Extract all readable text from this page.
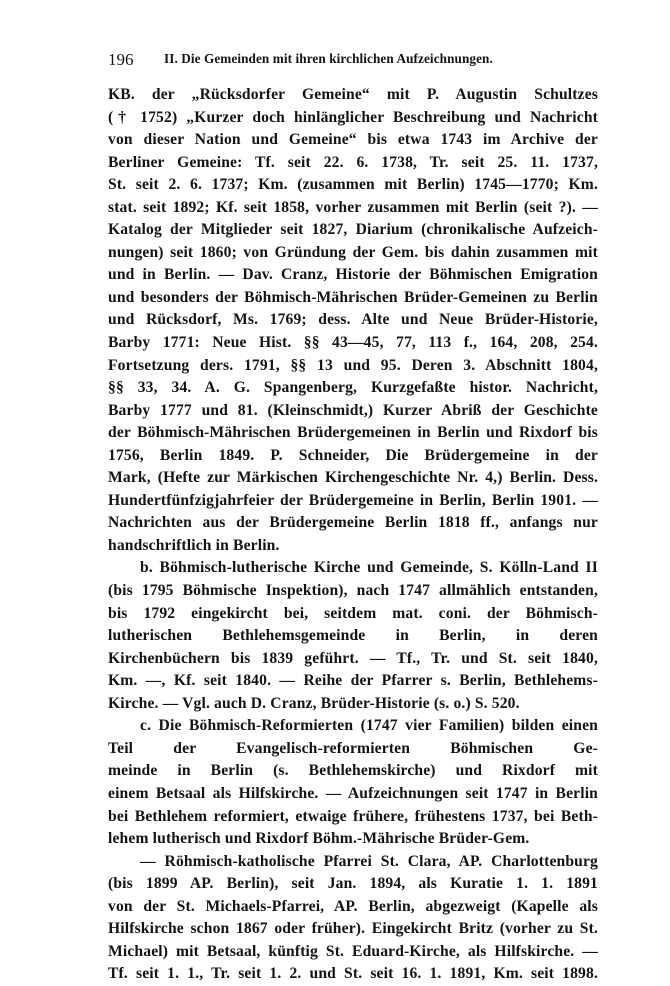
196 II. Die Gemeinden mit ihren kirchlichen Aufzeichnungen.
KB. der „Rücksdorfer Gemeine“ mit P. Augustin Schultzes
(† 1752) „Kurzer doch hinlänglicher Beschreibung und Nachricht
von dieser Nation und Gemeine“ bis etwa 1743 im Archive der
Berliner Gemeine: Tf. seit 22. 6. 1738, Tr. seit 25. 11. 1737,
St. seit 2. 6. 1737; Km. (zusammen mit Berlin) 1745—1770; Km.
stat. seit 1892; Kf. seit 1858, vorher zusammen mit Berlin (seit ?). —
Katalog der Mitglieder seit 1827, Diarium (chronikalische Aufzeich-
nungen) seit 1860; von Gründung der Gem. bis dahin zusammen mit
und in Berlin. — Dav. Cranz, Historie der Böhmischen Emigration
und besonders der Böhmisch-Mährischen Brüder-Gemeinen zu Berlin
und Rücksdorf, Ms. 1769; dess. Alte und Neue Brüder-Historie,
Barby 1771: Neue Hist. §§ 43—45, 77, 113 f., 164, 208, 254.
Fortsetzung ders. 1791, §§ 13 und 95. Deren 3. Abschnitt 1804,
§§ 33, 34. A. G. Spangenberg, Kurzgefaßte histor. Nachricht,
Barby 1777 und 81. (Kleinschmidt,) Kurzer Abriß der Geschichte
der Böhmisch-Mährischen Brüdergemeinen in Berlin und Rixdorf bis
1756, Berlin 1849. P. Schneider, Die Brüdergemeine in der
Mark, (Hefte zur Märkischen Kirchengeschichte Nr. 4,) Berlin. Dess.
Hundertfünfzigjahrfeier der Brüdergemeine in Berlin, Berlin 1901. —
Nachrichten aus der Brüdergemeine Berlin 1818 ff., anfangs nur
handschriftlich in Berlin.
b. Böhmisch-lutherische Kirche und Gemeinde, S. Kölln-Land II
(bis 1795 Böhmische Inspektion), nach 1747 allmählich entstanden,
bis 1792 eingekircht bei, seitdem mat. coni. der Böhmisch-
lutherischen Bethlehemsgemeinde in Berlin, in deren
Kirchenbüchern bis 1839 geführt. — Tf., Tr. und St. seit 1840,
Km. —, Kf. seit 1840. — Reihe der Pfarrer s. Berlin, Bethlehems-
Kirche. — Vgl. auch D. Cranz, Brüder-Historie (s. o.) S. 520.
c. Die Böhmisch-Reformierten (1747 vier Familien) bilden einen
Teil der Evangelisch-reformierten Böhmischen Ge-
meinde in Berlin (s. Bethlehemskirche) und Rixdorf mit
einem Betsaal als Hilfskirche. — Aufzeichnungen seit 1747 in Berlin
bei Bethlehem reformiert, etwaige frühere, frühestens 1737, bei Beth-
lehem lutherisch und Rixdorf Böhm.-Mährische Brüder-Gem.
— Röhmisch-katholische Pfarrei St. Clara, AP. Charlottenburg
(bis 1899 AP. Berlin), seit Jan. 1894, als Kuratie 1. 1. 1891
von der St. Michaels-Pfarrei, AP. Berlin, abgezweigt (Kapelle als
Hilfskirche schon 1867 oder früher). Eingekircht Britz (vorher zu St.
Michael) mit Betsaal, künftig St. Eduard-Kirche, als Hilfskirche. —
Tf. seit 1. 1., Tr. seit 1. 2. und St. seit 16. 1. 1891, Km. seit 1898.
